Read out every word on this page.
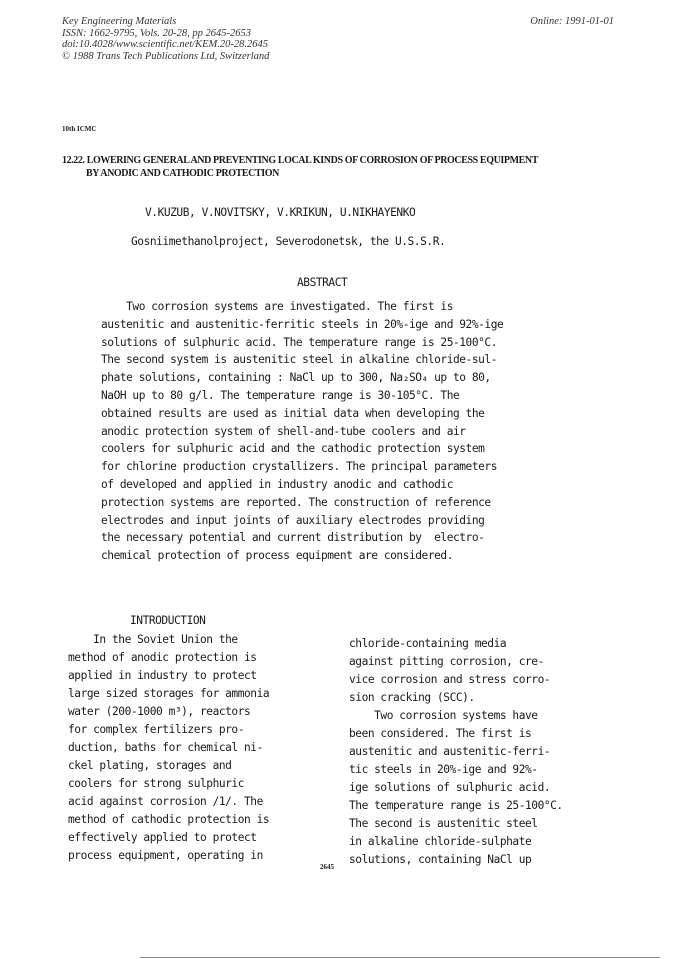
Key Engineering Materials
ISSN: 1662-9795, Vols. 20-28, pp 2645-2653
doi:10.4028/www.scientific.net/KEM.20-28.2645
© 1988 Trans Tech Publications Ltd, Switzerland
Online: 1991-01-01
10th ICMC
12.22. LOWERING GENERAL AND PREVENTING LOCAL KINDS OF CORROSION OF PROCESS EQUIPMENT
BY ANODIC AND CATHODIC PROTECTION
V.KUZUB, V.NOVITSKY, V.KRIKUN, U.NIKHAYENKO
Gosniimethanolproject, Severodonetsk, the U.S.S.R.
ABSTRACT
Two corrosion systems are investigated. The first is
austenitic and austenitic-ferritic steels in 20%-ige and 92%-ige
solutions of sulphuric acid. The temperature range is 25-100°C.
The second system is austenitic steel in alkaline chloride-sul-
phate solutions, containing : NaCl up to 300, Na₂SO₄ up to 80,
NaOH up to 80 g/l. The temperature range is 30-105°C. The
obtained results are used as initial data when developing the
anodic protection system of shell-and-tube coolers and air
coolers for sulphuric acid and the cathodic protection system
for chlorine production crystallizers. The principal parameters
of developed and applied in industry anodic and cathodic
protection systems are reported. The construction of reference
electrodes and input joints of auxiliary electrodes providing
the necessary potential and current distribution by  electro-
chemical protection of process equipment are considered.
INTRODUCTION
In the Soviet Union the
method of anodic protection is
applied in industry to protect
large sized storages for ammonia
water (200-1000 m³), reactors
for complex fertilizers pro-
duction, baths for chemical ni-
ckel plating, storages and
coolers for strong sulphuric
acid against corrosion /1/. The
method of cathodic protection is
effectively applied to protect
process equipment, operating in
chloride-containing media
against pitting corrosion, cre-
vice corrosion and stress corro-
sion cracking (SCC).
Two corrosion systems have
been considered. The first is
austenitic and austenitic-ferri-
tic steels in 20%-ige and 92%-
ige solutions of sulphuric acid.
The temperature range is 25-100°C.
The second is austenitic steel
in alkaline chloride-sulphate
solutions, containing NaCl up
2645
